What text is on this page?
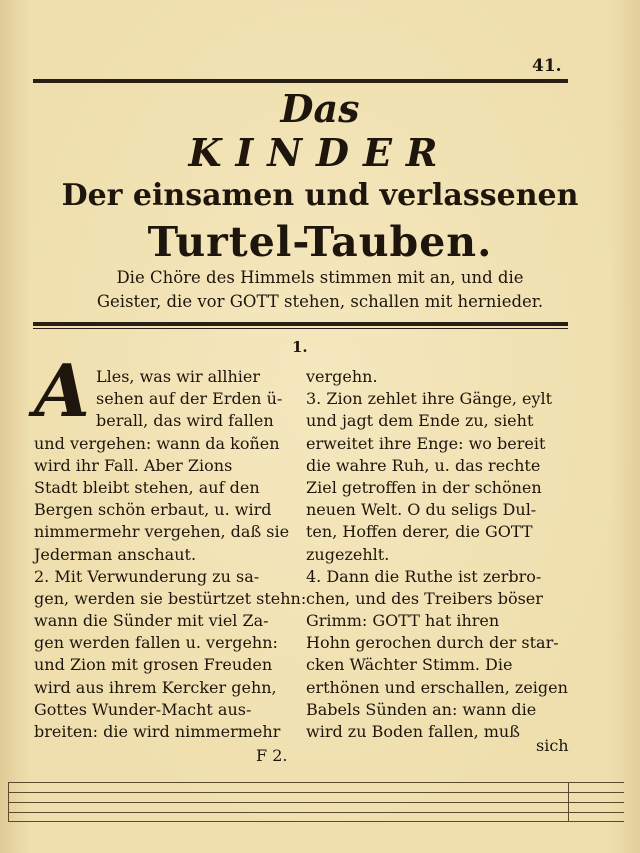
41.
Das
KINDER
Der einsamen und verlassenen
Turtel-Tauben.
Die Chöre des Himmels stimmen mit an, und die
Geister, die vor GOTT stehen, schallen mit hernieder.
1.
A Lles, was wir allhier
sehen auf der Erden ü-
berall, das wird fallen
und vergehen: wann da koñen
wird ihr Fall. Aber Zions
Stadt bleibt stehen, auf den
Bergen schön erbaut, u. wird
nimmermehr vergehen, daß sie
Jederman anschaut.
2. Mit Verwunderung zu sa-
gen, werden sie bestürtzet stehn:
wann die Sünder mit viel Za-
gen werden fallen u. vergehn:
und Zion mit grosen Freuden
wird aus ihrem Kercker gehn,
Gottes Wunder-Macht aus-
breiten: die wird nimmermehr
vergehn.
3. Zion zehlet ihre Gänge, eylt
und jagt dem Ende zu, sieht
erweitet ihre Enge: wo bereit
die wahre Ruh, u. das rechte
Ziel getroffen in der schönen
neuen Welt. O du seligs Dul-
ten, Hoffen derer, die GOTT
zugezehlt.
4. Dann die Ruthe ist zerbro-
chen, und des Treibers böser
Grimm: GOTT hat ihren
Hohn gerochen durch der star-
cken Wächter Stimm. Die
erthönen und erschallen, zeigen
Babels Sünden an: wann die
wird zu Boden fallen, muß
F 2.
sich
